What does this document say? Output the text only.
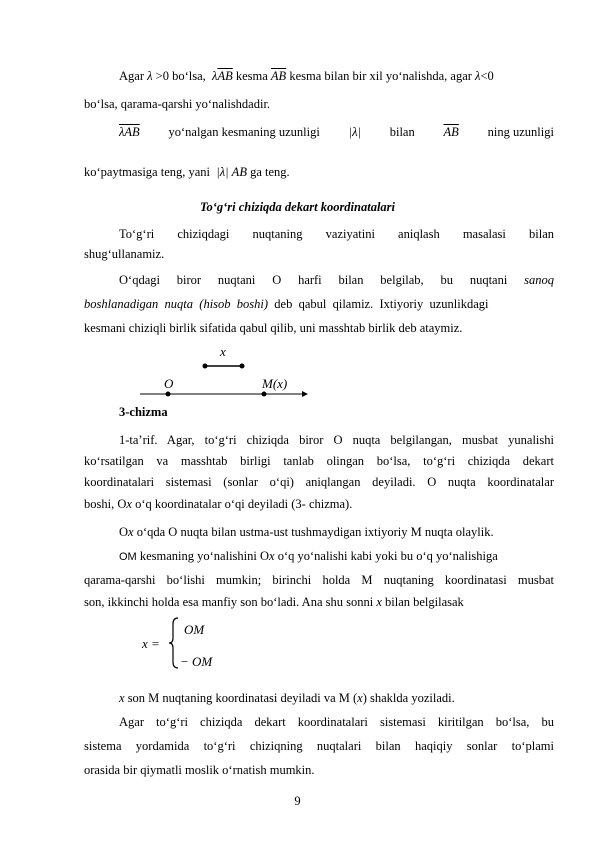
Agar λ >0 bo‘lsa,  $\lambda\overline{AB}$ kesma $\overline{AB}$ kesma bilan bir xil yo‘nalishda, agar λ<0
bo‘lsa, qarama-qarshi yo‘nalishdadir.
$\overline{\lambda AB}$ yo‘nalgan kesmaning uzunligi |λ| bilan $\overline{AB}$ ning uzunligi
ko‘paytmasiga teng, yani  |λ| AB ga teng.
To‘g‘ri chiziqda dekart koordinatalari
To‘g‘ri chiziqdagi nuqtaning vaziyatini aniqlash masalasi bilan
shug‘ullanamiz.
O‘qdagi biror nuqtani O harfi bilan belgilab, bu nuqtani sanoq
boshlanadigan  nuqta  (hisob  boshi)  deb  qabul  qilamiz.  Ixtiyoriy  uzunlikdagi
kesmani chiziqli birlik sifatida qabul qilib, uni masshtab birlik deb ataymiz.
x
O	M(x)
3-chizma
1-ta’rif. Agar, to‘g‘ri chiziqda biror O nuqta belgilangan, musbat yunalishi
ko‘rsatilgan va masshtab birligi tanlab olingan bo‘lsa, to‘g‘ri chiziqda dekart
koordinatalari sistemasi (sonlar o‘qi) aniqlangan deyiladi. O nuqta koordinatalar
boshi, Ox o‘q koordinatalar o‘qi deyiladi (3- chizma).
Ox o‘qda O nuqta bilan ustma-ust tushmaydigan ixtiyoriy M nuqta olaylik.
OM kesmaning yo‘nalishini Ox o‘q yo‘nalishi kabi yoki bu o‘q yo‘nalishiga
qarama-qarshi bo‘lishi mumkin; birinchi holda M nuqtaning koordinatasi musbat
son, ikkinchi holda esa manfiy son bo‘ladi. Ana shu sonni x bilan belgilasak
x =
OM
− OM
x son M nuqtaning koordinatasi deyiladi va M (x) shaklda yoziladi.
Agar to‘g‘ri chiziqda dekart koordinatalari sistemasi kiritilgan bo‘lsa, bu
sistema yordamida to‘g‘ri chiziqning nuqtalari bilan haqiqiy sonlar to‘plami
orasida bir qiymatli moslik o‘rnatish mumkin.
9
